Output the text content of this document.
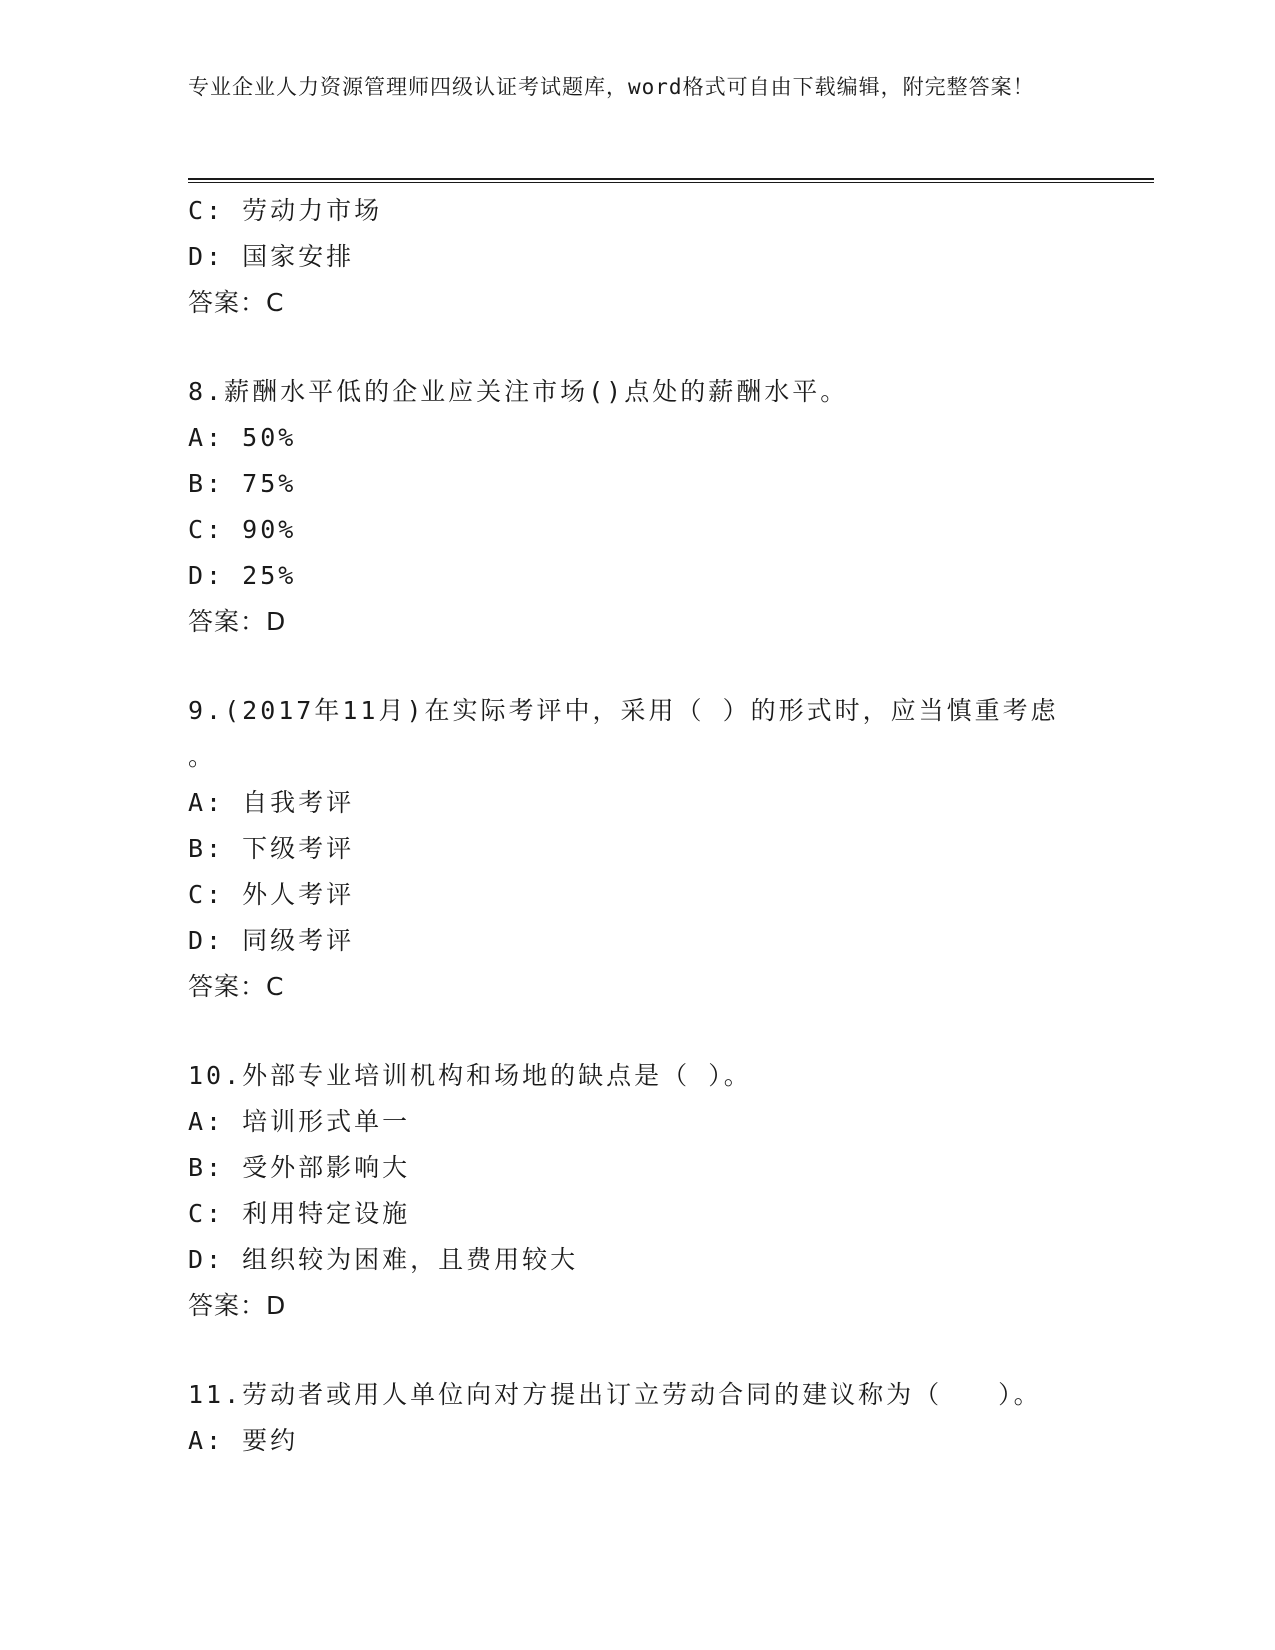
专业企业人力资源管理师四级认证考试题库，word格式可自由下载编辑，附完整答案！
C: 劳动力市场
D: 国家安排
答案：C
8.薪酬水平低的企业应关注市场()点处的薪酬水平。
A: 50%
B: 75%
C: 90%
D: 25%
答案：D
9.(2017年11月)在实际考评中，采用（ ）的形式时，应当慎重考虑
。
A: 自我考评
B: 下级考评
C: 外人考评
D: 同级考评
答案：C
10.外部专业培训机构和场地的缺点是（ ）。
A: 培训形式单一
B: 受外部影响大
C: 利用特定设施
D: 组织较为困难，且费用较大
答案：D
11.劳动者或用人单位向对方提出订立劳动合同的建议称为（　　）。
A: 要约
